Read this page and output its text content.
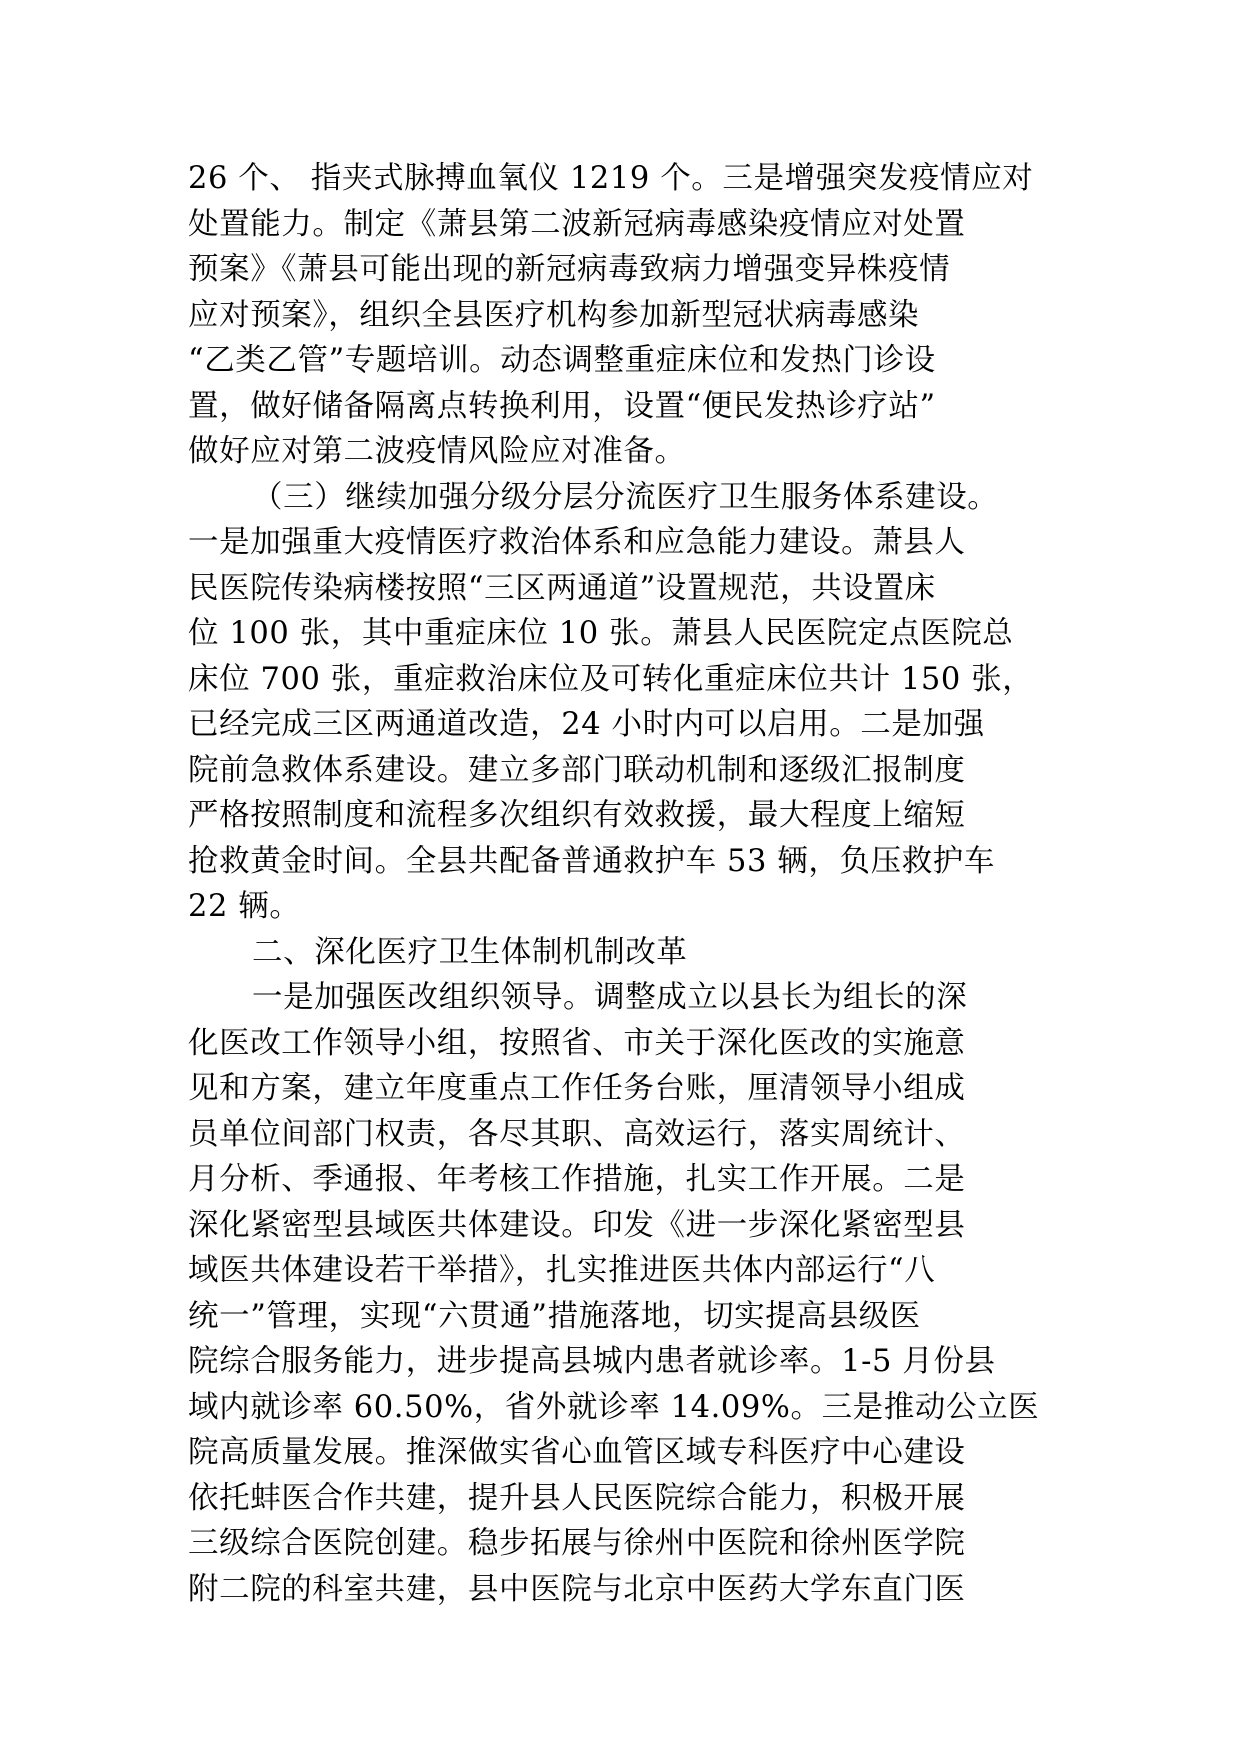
26 个、 指夹式脉搏血氧仪 1219 个。三是增强突发疫情应对
处置能力。制定《萧县第二波新冠病毒感染疫情应对处置
预案》《萧县可能出现的新冠病毒致病力增强变异株疫情
应对预案》，组织全县医疗机构参加新型冠状病毒感染
“乙类乙管”专题培训。动态调整重症床位和发热门诊设
置，做好储备隔离点转换利用，设置“便民发热诊疗站”
做好应对第二波疫情风险应对准备。
（三）继续加强分级分层分流医疗卫生服务体系建设。
一是加强重大疫情医疗救治体系和应急能力建设。萧县人
民医院传染病楼按照“三区两通道”设置规范，共设置床
位 100 张，其中重症床位 10 张。萧县人民医院定点医院总
床位 700 张，重症救治床位及可转化重症床位共计 150 张，
已经完成三区两通道改造，24 小时内可以启用。二是加强
院前急救体系建设。建立多部门联动机制和逐级汇报制度
严格按照制度和流程多次组织有效救援，最大程度上缩短
抢救黄金时间。全县共配备普通救护车 53 辆，负压救护车
22 辆。
二、深化医疗卫生体制机制改革
一是加强医改组织领导。调整成立以县长为组长的深
化医改工作领导小组，按照省、市关于深化医改的实施意
见和方案，建立年度重点工作任务台账，厘清领导小组成
员单位间部门权责，各尽其职、高效运行，落实周统计、
月分析、季通报、年考核工作措施，扎实工作开展。二是
深化紧密型县域医共体建设。印发《进一步深化紧密型县
域医共体建设若干举措》，扎实推进医共体内部运行“八
统一”管理，实现“六贯通”措施落地，切实提高县级医
院综合服务能力，进步提高县城内患者就诊率。1-5 月份县
域内就诊率 60.50%，省外就诊率 14.09%。三是推动公立医
院高质量发展。推深做实省心血管区域专科医疗中心建设
依托蚌医合作共建，提升县人民医院综合能力，积极开展
三级综合医院创建。稳步拓展与徐州中医院和徐州医学院
附二院的科室共建，县中医院与北京中医药大学东直门医
